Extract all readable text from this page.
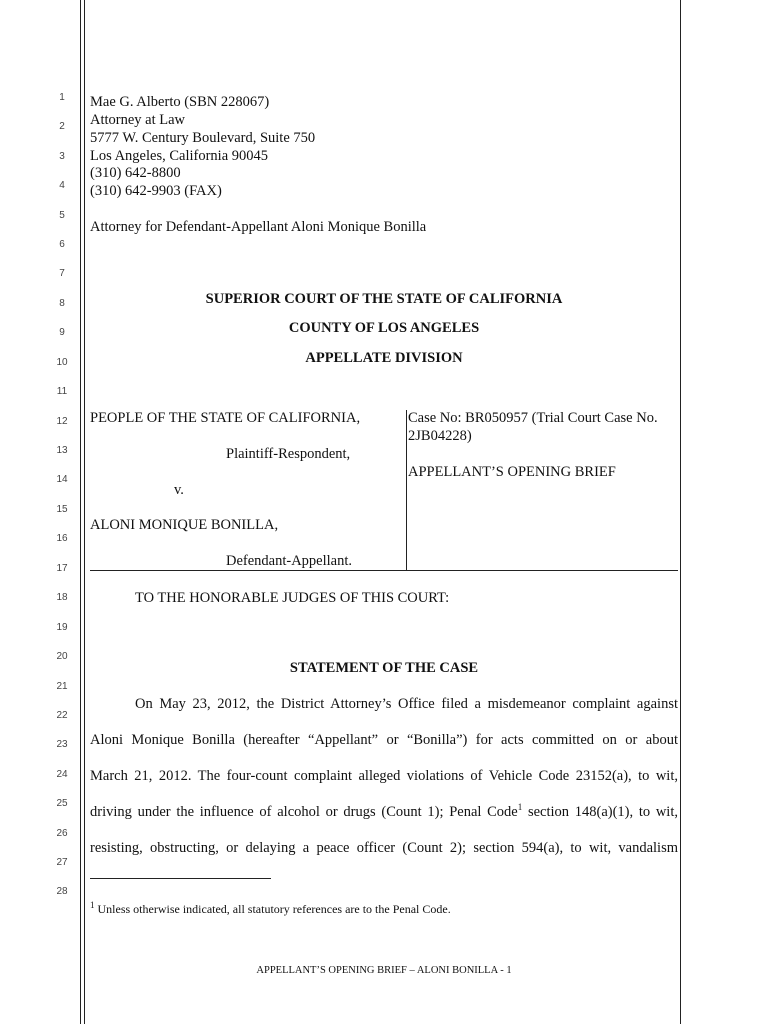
1
2
3
4
5
6
7
8
9
10
11
12
13
14
15
16
17
18
19
20
21
22
23
24
25
26
27
28
Mae G. Alberto (SBN 228067)
Attorney at Law
5777 W. Century Boulevard, Suite 750
Los Angeles, California 90045
(310) 642-8800
(310) 642-9903 (FAX)
Attorney for Defendant-Appellant Aloni Monique Bonilla
SUPERIOR COURT OF THE STATE OF CALIFORNIA
COUNTY OF LOS ANGELES
APPELLATE DIVISION
PEOPLE OF THE STATE OF CALIFORNIA,
Plaintiff-Respondent,
v.
ALONI MONIQUE BONILLA,
Defendant-Appellant.
Case No: BR050957 (Trial Court Case No.
2JB04228)
APPELLANT’S OPENING BRIEF
TO THE HONORABLE JUDGES OF THIS COURT:
STATEMENT OF THE CASE
On May 23, 2012, the District Attorney’s Office filed a misdemeanor complaint against
Aloni Monique Bonilla (hereafter “Appellant” or “Bonilla”) for acts committed on or about
March 21, 2012. The four-count complaint alleged violations of Vehicle Code 23152(a), to wit,
driving under the influence of alcohol or drugs (Count 1); Penal Code$^1$ section 148(a)(1), to wit,
resisting, obstructing, or delaying a peace officer (Count 2); section 594(a), to wit, vandalism
$^1$ Unless otherwise indicated, all statutory references are to the Penal Code.
APPELLANT’S OPENING BRIEF – ALONI BONILLA - 1
